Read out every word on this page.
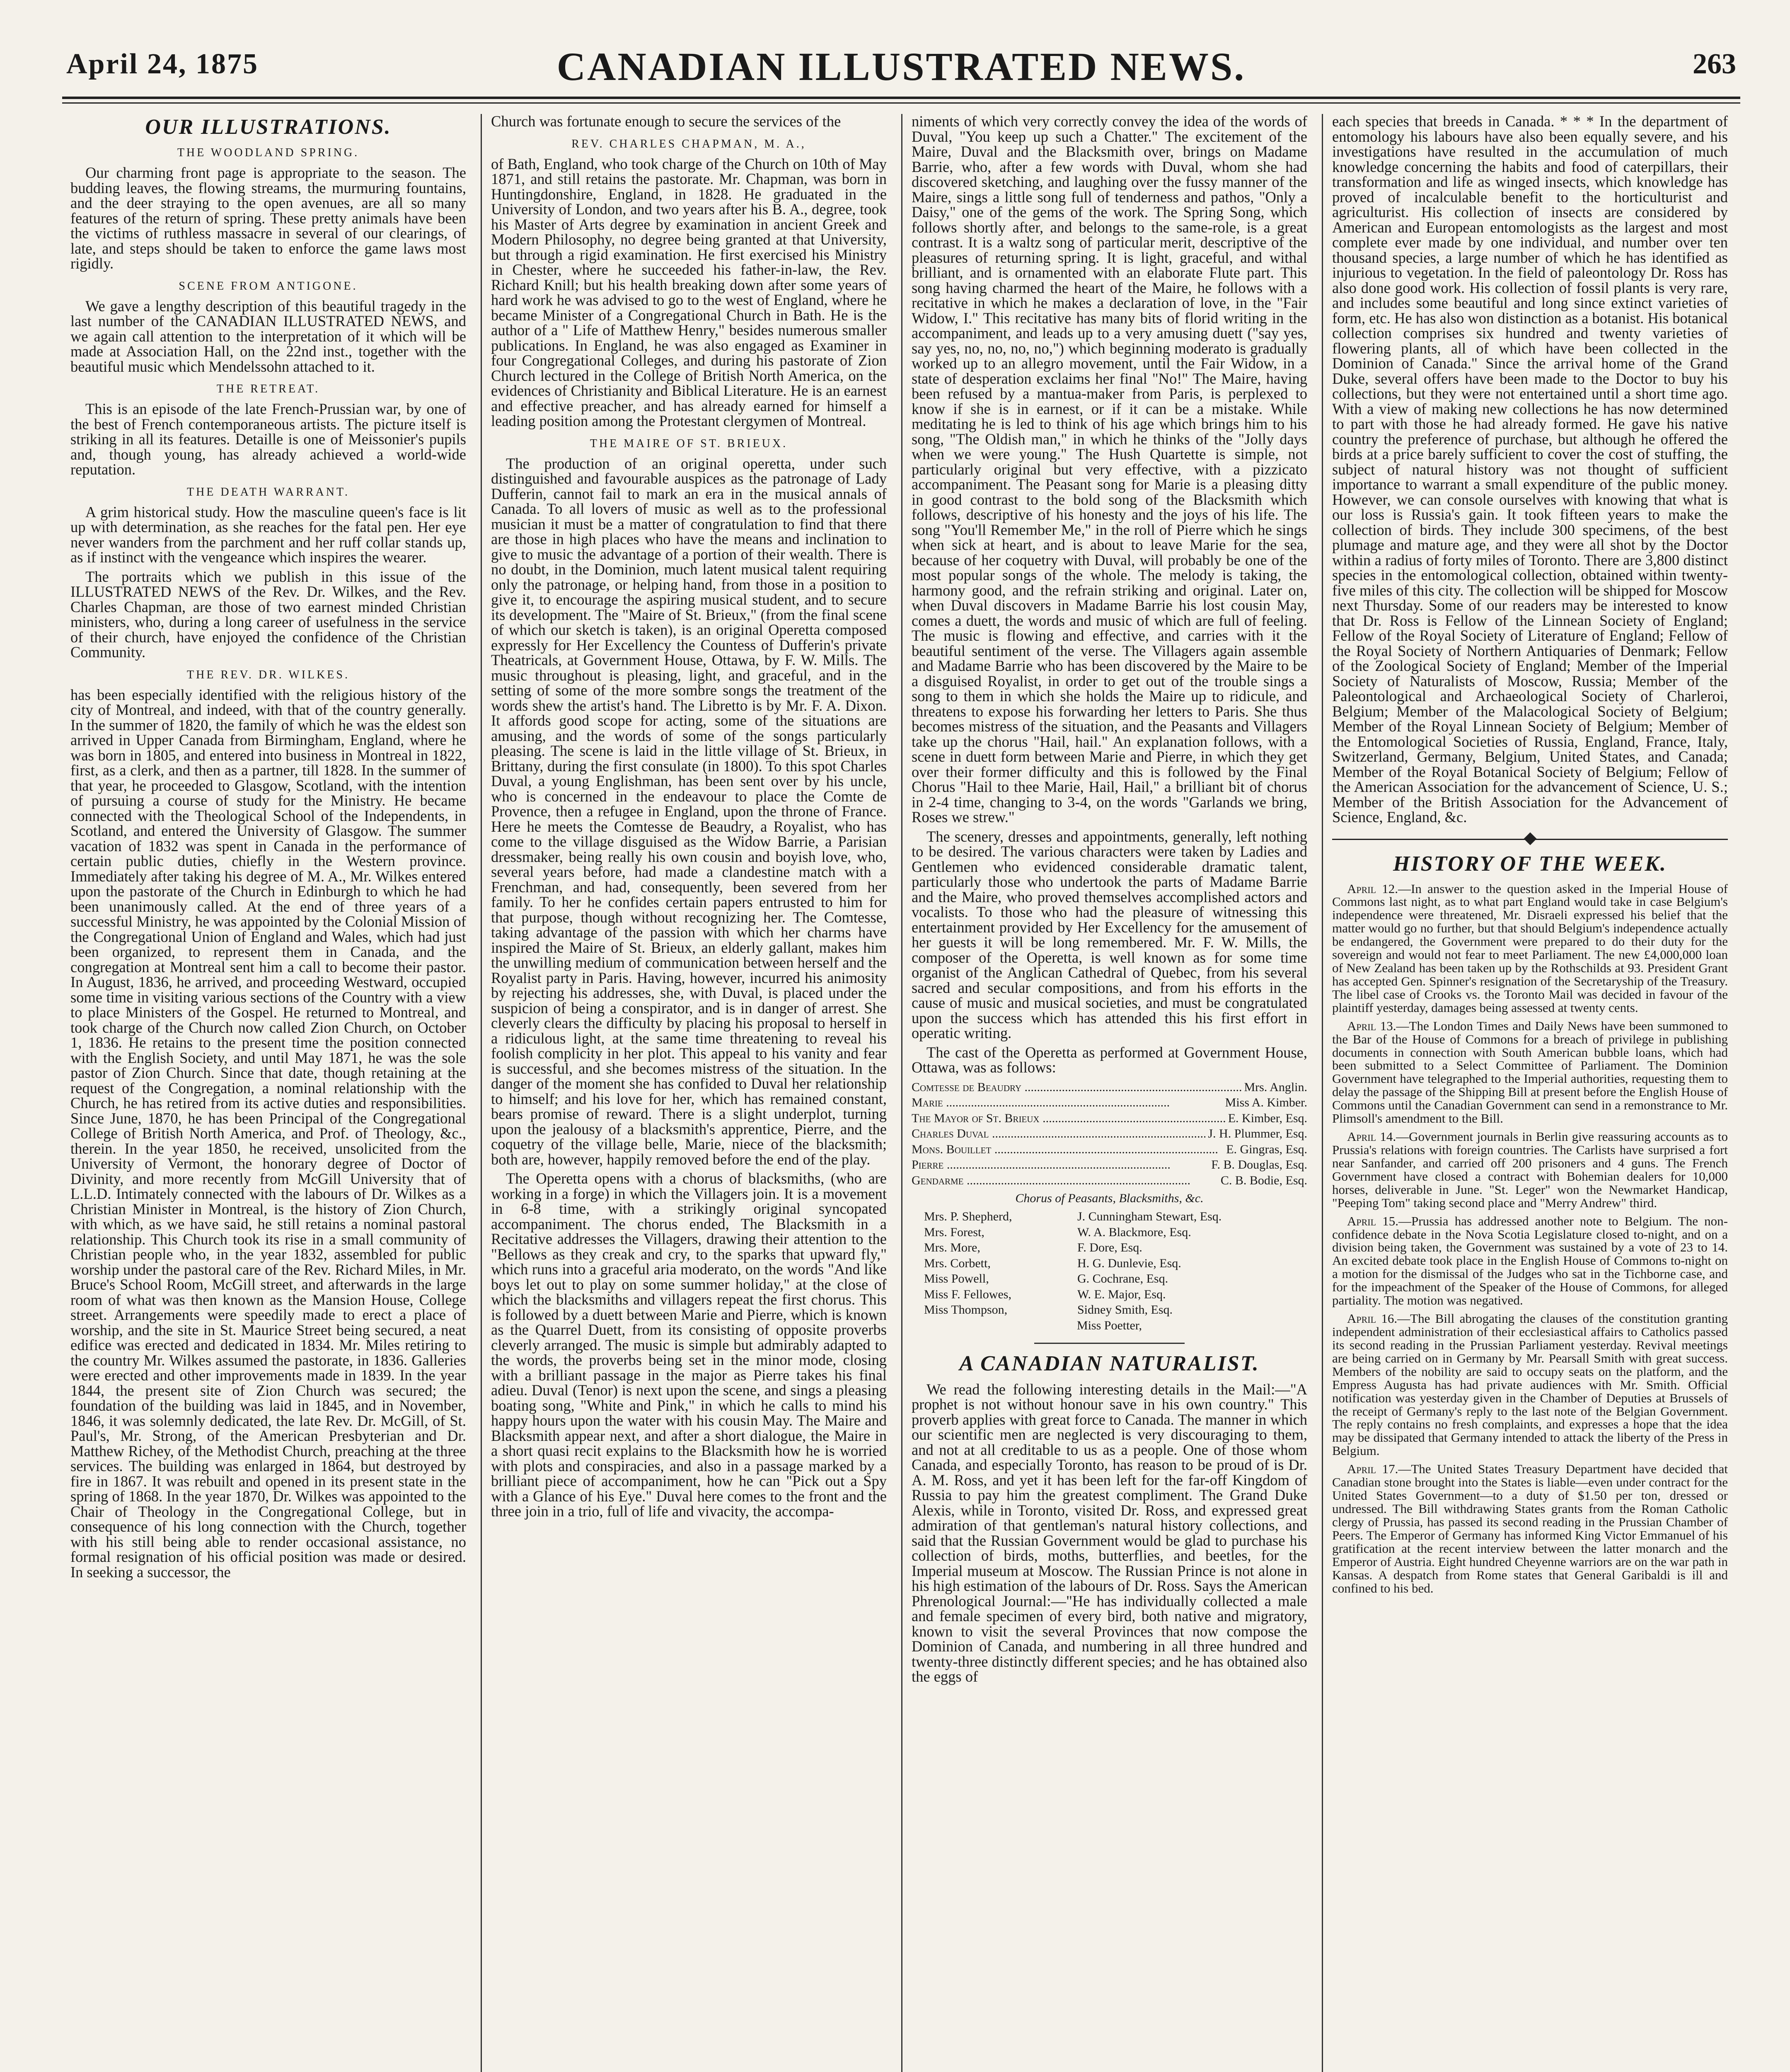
April 24, 1875	CANADIAN ILLUSTRATED NEWS.	263
OUR ILLUSTRATIONS.
THE WOODLAND SPRING.

Our charming front page is appropriate to the season. The budding leaves, the flowing streams, the murmuring fountains, and the deer straying to the open avenues, are all so many features of the return of spring. These pretty animals have been the victims of ruthless massacre in several of our clearings, of late, and steps should be taken to enforce the game laws most rigidly.

SCENE FROM ANTIGONE.

We gave a lengthy description of this beautiful tragedy in the last number of the CANADIAN ILLUSTRATED NEWS, and we again call attention to the interpretation of it which will be made at Association Hall, on the 22nd inst., together with the beautiful music which Mendelssohn attached to it.

THE RETREAT.

This is an episode of the late French-Prussian war, by one of the best of French contemporaneous artists. The picture itself is striking in all its features. Detaille is one of Meissonier's pupils and, though young, has already achieved a world-wide reputation.

THE DEATH WARRANT.

A grim historical study. How the masculine queen's face is lit up with determination, as she reaches for the fatal pen. Her eye never wanders from the parchment and her ruff collar stands up, as if instinct with the vengeance which inspires the wearer.

The portraits which we publish in this issue of the ILLUSTRATED NEWS of the Rev. Dr. Wilkes, and the Rev. Charles Chapman, are those of two earnest minded Christian ministers, who, during a long career of usefulness in the service of their church, have enjoyed the confidence of the Christian Community.

THE REV. DR. WILKES.

has been especially identified with the religious history of the city of Montreal, and indeed, with that of the country generally. In the summer of 1820, the family of which he was the eldest son arrived in Upper Canada from Birmingham, England, where he was born in 1805, and entered into business in Montreal in 1822, first, as a clerk, and then as a partner, till 1828. In the summer of that year, he proceeded to Glasgow, Scotland, with the intention of pursuing a course of study for the Ministry. He became connected with the Theological School of the Independents, in Scotland, and entered the University of Glasgow. The summer vacation of 1832 was spent in Canada in the performance of certain public duties, chiefly in the Western province. Immediately after taking his degree of M. A., Mr. Wilkes entered upon the pastorate of the Church in Edinburgh to which he had been unanimously called. At the end of three years of a successful Ministry, he was appointed by the Colonial Mission of the Congregational Union of England and Wales, which had just been organized, to represent them in Canada, and the congregation at Montreal sent him a call to become their pastor. In August, 1836, he arrived, and proceeding Westward, occupied some time in visiting various sections of the Country with a view to place Ministers of the Gospel. He returned to Montreal, and took charge of the Church now called Zion Church, on October 1, 1836. He retains to the present time the position connected with the English Society, and until May 1871, he was the sole pastor of Zion Church. Since that date, though retaining at the request of the Congregation, a nominal relationship with the Church, he has retired from its active duties and responsibilities. Since June, 1870, he has been Principal of the Congregational College of British North America, and Prof. of Theology, &c., therein. In the year 1850, he received, unsolicited from the University of Vermont, the honorary degree of Doctor of Divinity, and more recently from McGill University that of L.L.D. Intimately connected with the labours of Dr. Wilkes as a Christian Minister in Montreal, is the history of Zion Church, with which, as we have said, he still retains a nominal pastoral relationship. This Church took its rise in a small community of Christian people who, in the year 1832, assembled for public worship under the pastoral care of the Rev. Richard Miles, in Mr. Bruce's School Room, McGill street, and afterwards in the large room of what was then known as the Mansion House, College street. Arrangements were speedily made to erect a place of worship, and the site in St. Maurice Street being secured, a neat edifice was erected and dedicated in 1834. Mr. Miles retiring to the country Mr. Wilkes assumed the pastorate, in 1836. Galleries were erected and other improvements made in 1839. In the year 1844, the present site of Zion Church was secured; the foundation of the building was laid in 1845, and in November, 1846, it was solemnly dedicated, the late Rev. Dr. McGill, of St. Paul's, Mr. Strong, of the American Presbyterian and Dr. Matthew Richey, of the Methodist Church, preaching at the three services. The building was enlarged in 1864, but destroyed by fire in 1867. It was rebuilt and opened in its present state in the spring of 1868. In the year 1870, Dr. Wilkes was appointed to the Chair of Theology in the Congregational College, but in consequence of his long connection with the Church, together with his still being able to render occasional assistance, no formal resignation of his official position was made or desired. In seeking a successor, the

Church was fortunate enough to secure the services of the

REV. CHARLES CHAPMAN, M. A.,

of Bath, England, who took charge of the Church on 10th of May 1871, and still retains the pastorate. Mr. Chapman, was born in Huntingdonshire, England, in 1828. He graduated in the University of London, and two years after his B. A., degree, took his Master of Arts degree by examination in ancient Greek and Modern Philosophy, no degree being granted at that University, but through a rigid examination. He first exercised his Ministry in Chester, where he succeeded his father-in-law, the Rev. Richard Knill; but his health breaking down after some years of hard work he was advised to go to the west of England, where he became Minister of a Congregational Church in Bath. He is the author of a " Life of Matthew Henry," besides numerous smaller publications. In England, he was also engaged as Examiner in four Congregational Colleges, and during his pastorate of Zion Church lectured in the College of British North America, on the evidences of Christianity and Biblical Literature. He is an earnest and effective preacher, and has already earned for himself a leading position among the Protestant clergymen of Montreal.

THE MAIRE OF ST. BRIEUX.

The production of an original operetta, under such distinguished and favourable auspices as the patronage of Lady Dufferin, cannot fail to mark an era in the musical annals of Canada. To all lovers of music as well as to the professional musician it must be a matter of congratulation to find that there are those in high places who have the means and inclination to give to music the advantage of a portion of their wealth. There is no doubt, in the Dominion, much latent musical talent requiring only the patronage, or helping hand, from those in a position to give it, to encourage the aspiring musical student, and to secure its development. The "Maire of St. Brieux," (from the final scene of which our sketch is taken), is an original Operetta composed expressly for Her Excellency the Countess of Dufferin's private Theatricals, at Government House, Ottawa, by F. W. Mills. The music throughout is pleasing, light, and graceful, and in the setting of some of the more sombre songs the treatment of the words shew the artist's hand. The Libretto is by Mr. F. A. Dixon. It affords good scope for acting, some of the situations are amusing, and the words of some of the songs particularly pleasing. The scene is laid in the little village of St. Brieux, in Brittany, during the first consulate (in 1800). To this spot Charles Duval, a young Englishman, has been sent over by his uncle, who is concerned in the endeavour to place the Comte de Provence, then a refugee in England, upon the throne of France. Here he meets the Comtesse de Beaudry, a Royalist, who has come to the village disguised as the Widow Barrie, a Parisian dressmaker, being really his own cousin and boyish love, who, several years before, had made a clandestine match with a Frenchman, and had, consequently, been severed from her family. To her he confides certain papers entrusted to him for that purpose, though without recognizing her. The Comtesse, taking advantage of the passion with which her charms have inspired the Maire of St. Brieux, an elderly gallant, makes him the unwilling medium of communication between herself and the Royalist party in Paris. Having, however, incurred his animosity by rejecting his addresses, she, with Duval, is placed under the suspicion of being a conspirator, and is in danger of arrest. She cleverly clears the difficulty by placing his proposal to herself in a ridiculous light, at the same time threatening to reveal his foolish complicity in her plot. This appeal to his vanity and fear is successful, and she becomes mistress of the situation. In the danger of the moment she has confided to Duval her relationship to himself; and his love for her, which has remained constant, bears promise of reward. There is a slight underplot, turning upon the jealousy of a blacksmith's apprentice, Pierre, and the coquetry of the village belle, Marie, niece of the blacksmith; both are, however, happily removed before the end of the play.

The Operetta opens with a chorus of blacksmiths, (who are working in a forge) in which the Villagers join. It is a movement in 6-8 time, with a strikingly original syncopated accompaniment. The chorus ended, The Blacksmith in a Recitative addresses the Villagers, drawing their attention to the "Bellows as they creak and cry, to the sparks that upward fly," which runs into a graceful aria moderato, on the words "And like boys let out to play on some summer holiday," at the close of which the blacksmiths and villagers repeat the first chorus. This is followed by a duett between Marie and Pierre, which is known as the Quarrel Duett, from its consisting of opposite proverbs cleverly arranged. The music is simple but admirably adapted to the words, the proverbs being set in the minor mode, closing with a brilliant passage in the major as Pierre takes his final adieu. Duval (Tenor) is next upon the scene, and sings a pleasing boating song, "White and Pink," in which he calls to mind his happy hours upon the water with his cousin May. The Maire and Blacksmith appear next, and after a short dialogue, the Maire in a short quasi recit explains to the Blacksmith how he is worried with plots and conspiracies, and also in a passage marked by a brilliant piece of accompaniment, how he can "Pick out a Spy with a Glance of his Eye." Duval here comes to the front and the three join in a trio, full of life and vivacity, the accompa-

niments of which very correctly convey the idea of the words of Duval, "You keep up such a Chatter." The excitement of the Maire, Duval and the Blacksmith over, brings on Madame Barrie, who, after a few words with Duval, whom she had discovered sketching, and laughing over the fussy manner of the Maire, sings a little song full of tenderness and pathos, "Only a Daisy," one of the gems of the work. The Spring Song, which follows shortly after, and belongs to the same-role, is a great contrast. It is a waltz song of particular merit, descriptive of the pleasures of returning spring. It is light, graceful, and withal brilliant, and is ornamented with an elaborate Flute part. This song having charmed the heart of the Maire, he follows with a recitative in which he makes a declaration of love, in the "Fair Widow, I." This recitative has many bits of florid writing in the accompaniment, and leads up to a very amusing duett ("say yes, say yes, no, no, no, no,") which beginning moderato is gradually worked up to an allegro movement, until the Fair Widow, in a state of desperation exclaims her final "No!" The Maire, having been refused by a mantua-maker from Paris, is perplexed to know if she is in earnest, or if it can be a mistake. While meditating he is led to think of his age which brings him to his song, "The Oldish man," in which he thinks of the "Jolly days when we were young." The Hush Quartette is simple, not particularly original but very effective, with a pizzicato accompaniment. The Peasant song for Marie is a pleasing ditty in good contrast to the bold song of the Blacksmith which follows, descriptive of his honesty and the joys of his life. The song "You'll Remember Me," in the roll of Pierre which he sings when sick at heart, and is about to leave Marie for the sea, because of her coquetry with Duval, will probably be one of the most popular songs of the whole. The melody is taking, the harmony good, and the refrain striking and original. Later on, when Duval discovers in Madame Barrie his lost cousin May, comes a duett, the words and music of which are full of feeling. The music is flowing and effective, and carries with it the beautiful sentiment of the verse. The Villagers again assemble and Madame Barrie who has been discovered by the Maire to be a disguised Royalist, in order to get out of the trouble sings a song to them in which she holds the Maire up to ridicule, and threatens to expose his forwarding her letters to Paris. She thus becomes mistress of the situation, and the Peasants and Villagers take up the chorus "Hail, hail." An explanation follows, with a scene in duett form between Marie and Pierre, in which they get over their former difficulty and this is followed by the Final Chorus "Hail to thee Marie, Hail, Hail," a brilliant bit of chorus in 2-4 time, changing to 3-4, on the words "Garlands we bring, Roses we strew."

The scenery, dresses and appointments, generally, left nothing to be desired. The various characters were taken by Ladies and Gentlemen who evidenced considerable dramatic talent, particularly those who undertook the parts of Madame Barrie and the Maire, who proved themselves accomplished actors and vocalists. To those who had the pleasure of witnessing this entertainment provided by Her Excellency for the amusement of her guests it will be long remembered. Mr. F. W. Mills, the composer of the Operetta, is well known as for some time organist of the Anglican Cathedral of Quebec, from his several sacred and secular compositions, and from his efforts in the cause of music and musical societies, and must be congratulated upon the success which has attended this his first effort in operatic writing.

The cast of the Operetta as performed at Government House, Ottawa, was as follows:

Comtesse de Beaudry .....	Mrs. Anglin.
Marie .....	Miss A. Kimber.
The Mayor of St. Brieux .....	E. Kimber, Esq.
Charles Duval .....	J. H. Plummer, Esq.
Mons. Bouillet .....	E. Gingras, Esq.
Pierre .....	F. B. Douglas, Esq.
Gendarme .....	C. B. Bodie, Esq.
Chorus of Peasants, Blacksmiths, &c.
Mrs. P. Shepherd,	J. Cunningham Stewart, Esq.
Mrs. Forest,	W. A. Blackmore, Esq.
Mrs. More,	F. Dore, Esq.
Mrs. Corbett,	H. G. Dunlevie, Esq.
Miss Powell,	G. Cochrane, Esq.
Miss F. Fellowes,	W. E. Major, Esq.
Miss Thompson,	Sidney Smith, Esq.
Miss Poetter,
A CANADIAN NATURALIST.

We read the following interesting details in the Mail:—"A prophet is not without honour save in his own country." This proverb applies with great force to Canada. The manner in which our scientific men are neglected is very discouraging to them, and not at all creditable to us as a people. One of those whom Canada, and especially Toronto, has reason to be proud of is Dr. A. M. Ross, and yet it has been left for the far-off Kingdom of Russia to pay him the greatest compliment. The Grand Duke Alexis, while in Toronto, visited Dr. Ross, and expressed great admiration of that gentleman's natural history collections, and said that the Russian Government would be glad to purchase his collection of birds, moths, butterflies, and beetles, for the Imperial museum at Moscow. The Russian Prince is not alone in his high estimation of the labours of Dr. Ross. Says the American Phrenological Journal:—"He has individually collected a male and female specimen of every bird, both native and migratory, known to visit the several Provinces that now compose the Dominion of Canada, and numbering in all three hundred and twenty-three distinctly different species; and he has obtained also the eggs of

each species that breeds in Canada. * * * In the department of entomology his labours have also been equally severe, and his investigations have resulted in the accumulation of much knowledge concerning the habits and food of caterpillars, their transformation and life as winged insects, which knowledge has proved of incalculable benefit to the horticulturist and agriculturist. His collection of insects are considered by American and European entomologists as the largest and most complete ever made by one individual, and number over ten thousand species, a large number of which he has identified as injurious to vegetation. In the field of paleontology Dr. Ross has also done good work. His collection of fossil plants is very rare, and includes some beautiful and long since extinct varieties of form, etc. He has also won distinction as a botanist. His botanical collection comprises six hundred and twenty varieties of flowering plants, all of which have been collected in the Dominion of Canada." Since the arrival home of the Grand Duke, several offers have been made to the Doctor to buy his collections, but they were not entertained until a short time ago. With a view of making new collections he has now determined to part with those he had already formed. He gave his native country the preference of purchase, but although he offered the birds at a price barely sufficient to cover the cost of stuffing, the subject of natural history was not thought of sufficient importance to warrant a small expenditure of the public money. However, we can console ourselves with knowing that what is our loss is Russia's gain. It took fifteen years to make the collection of birds. They include 300 specimens, of the best plumage and mature age, and they were all shot by the Doctor within a radius of forty miles of Toronto. There are 3,800 distinct species in the entomological collection, obtained within twenty-five miles of this city. The collection will be shipped for Moscow next Thursday. Some of our readers may be interested to know that Dr. Ross is Fellow of the Linnean Society of England; Fellow of the Royal Society of Literature of England; Fellow of the Royal Society of Northern Antiquaries of Denmark; Fellow of the Zoological Society of England; Member of the Imperial Society of Naturalists of Moscow, Russia; Member of the Paleontological and Archaeological Society of Charleroi, Belgium; Member of the Malacological Society of Belgium; Member of the Royal Linnean Society of Belgium; Member of the Entomological Societies of Russia, England, France, Italy, Switzerland, Germany, Belgium, United States, and Canada; Member of the Royal Botanical Society of Belgium; Fellow of the American Association for the advancement of Science, U. S.; Member of the British Association for the Advancement of Science, England, &c.

HISTORY OF THE WEEK.

April 12.—In answer to the question asked in the Imperial House of Commons last night, as to what part England would take in case Belgium's independence were threatened, Mr. Disraeli expressed his belief that the matter would go no further, but that should Belgium's independence actually be endangered, the Government were prepared to do their duty for the sovereign and would not fear to meet Parliament. The new £4,000,000 loan of New Zealand has been taken up by the Rothschilds at 93. President Grant has accepted Gen. Spinner's resignation of the Secretaryship of the Treasury. The libel case of Crooks vs. the Toronto Mail was decided in favour of the plaintiff yesterday, damages being assessed at twenty cents.

April 13.—The London Times and Daily News have been summoned to the Bar of the House of Commons for a breach of privilege in publishing documents in connection with South American bubble loans, which had been submitted to a Select Committee of Parliament. The Dominion Government have telegraphed to the Imperial authorities, requesting them to delay the passage of the Shipping Bill at present before the English House of Commons until the Canadian Government can send in a remonstrance to Mr. Plimsoll's amendment to the Bill.

April 14.—Government journals in Berlin give reassuring accounts as to Prussia's relations with foreign countries. The Carlists have surprised a fort near Sanfander, and carried off 200 prisoners and 4 guns. The French Government have closed a contract with Bohemian dealers for 10,000 horses, deliverable in June. "St. Leger" won the Newmarket Handicap, "Peeping Tom" taking second place and "Merry Andrew" third.

April 15.—Prussia has addressed another note to Belgium. The non-confidence debate in the Nova Scotia Legislature closed to-night, and on a division being taken, the Government was sustained by a vote of 23 to 14. An excited debate took place in the English House of Commons to-night on a motion for the dismissal of the Judges who sat in the Tichborne case, and for the impeachment of the Speaker of the House of Commons, for alleged partiality. The motion was negatived.

April 16.—The Bill abrogating the clauses of the constitution granting independent administration of their ecclesiastical affairs to Catholics passed its second reading in the Prussian Parliament yesterday. Revival meetings are being carried on in Germany by Mr. Pearsall Smith with great success. Members of the nobility are said to occupy seats on the platform, and the Empress Augusta has had private audiences with Mr. Smith. Official notification was yesterday given in the Chamber of Deputies at Brussels of the receipt of Germany's reply to the last note of the Belgian Government. The reply contains no fresh complaints, and expresses a hope that the idea may be dissipated that Germany intended to attack the liberty of the Press in Belgium.

April 17.—The United States Treasury Department have decided that Canadian stone brought into the States is liable—even under contract for the United States Government—to a duty of $1.50 per ton, dressed or undressed. The Bill withdrawing States grants from the Roman Catholic clergy of Prussia, has passed its second reading in the Prussian Chamber of Peers. The Emperor of Germany has informed King Victor Emmanuel of his gratification at the recent interview between the latter monarch and the Emperor of Austria. Eight hundred Cheyenne warriors are on the war path in Kansas. A despatch from Rome states that General Garibaldi is ill and confined to his bed.
